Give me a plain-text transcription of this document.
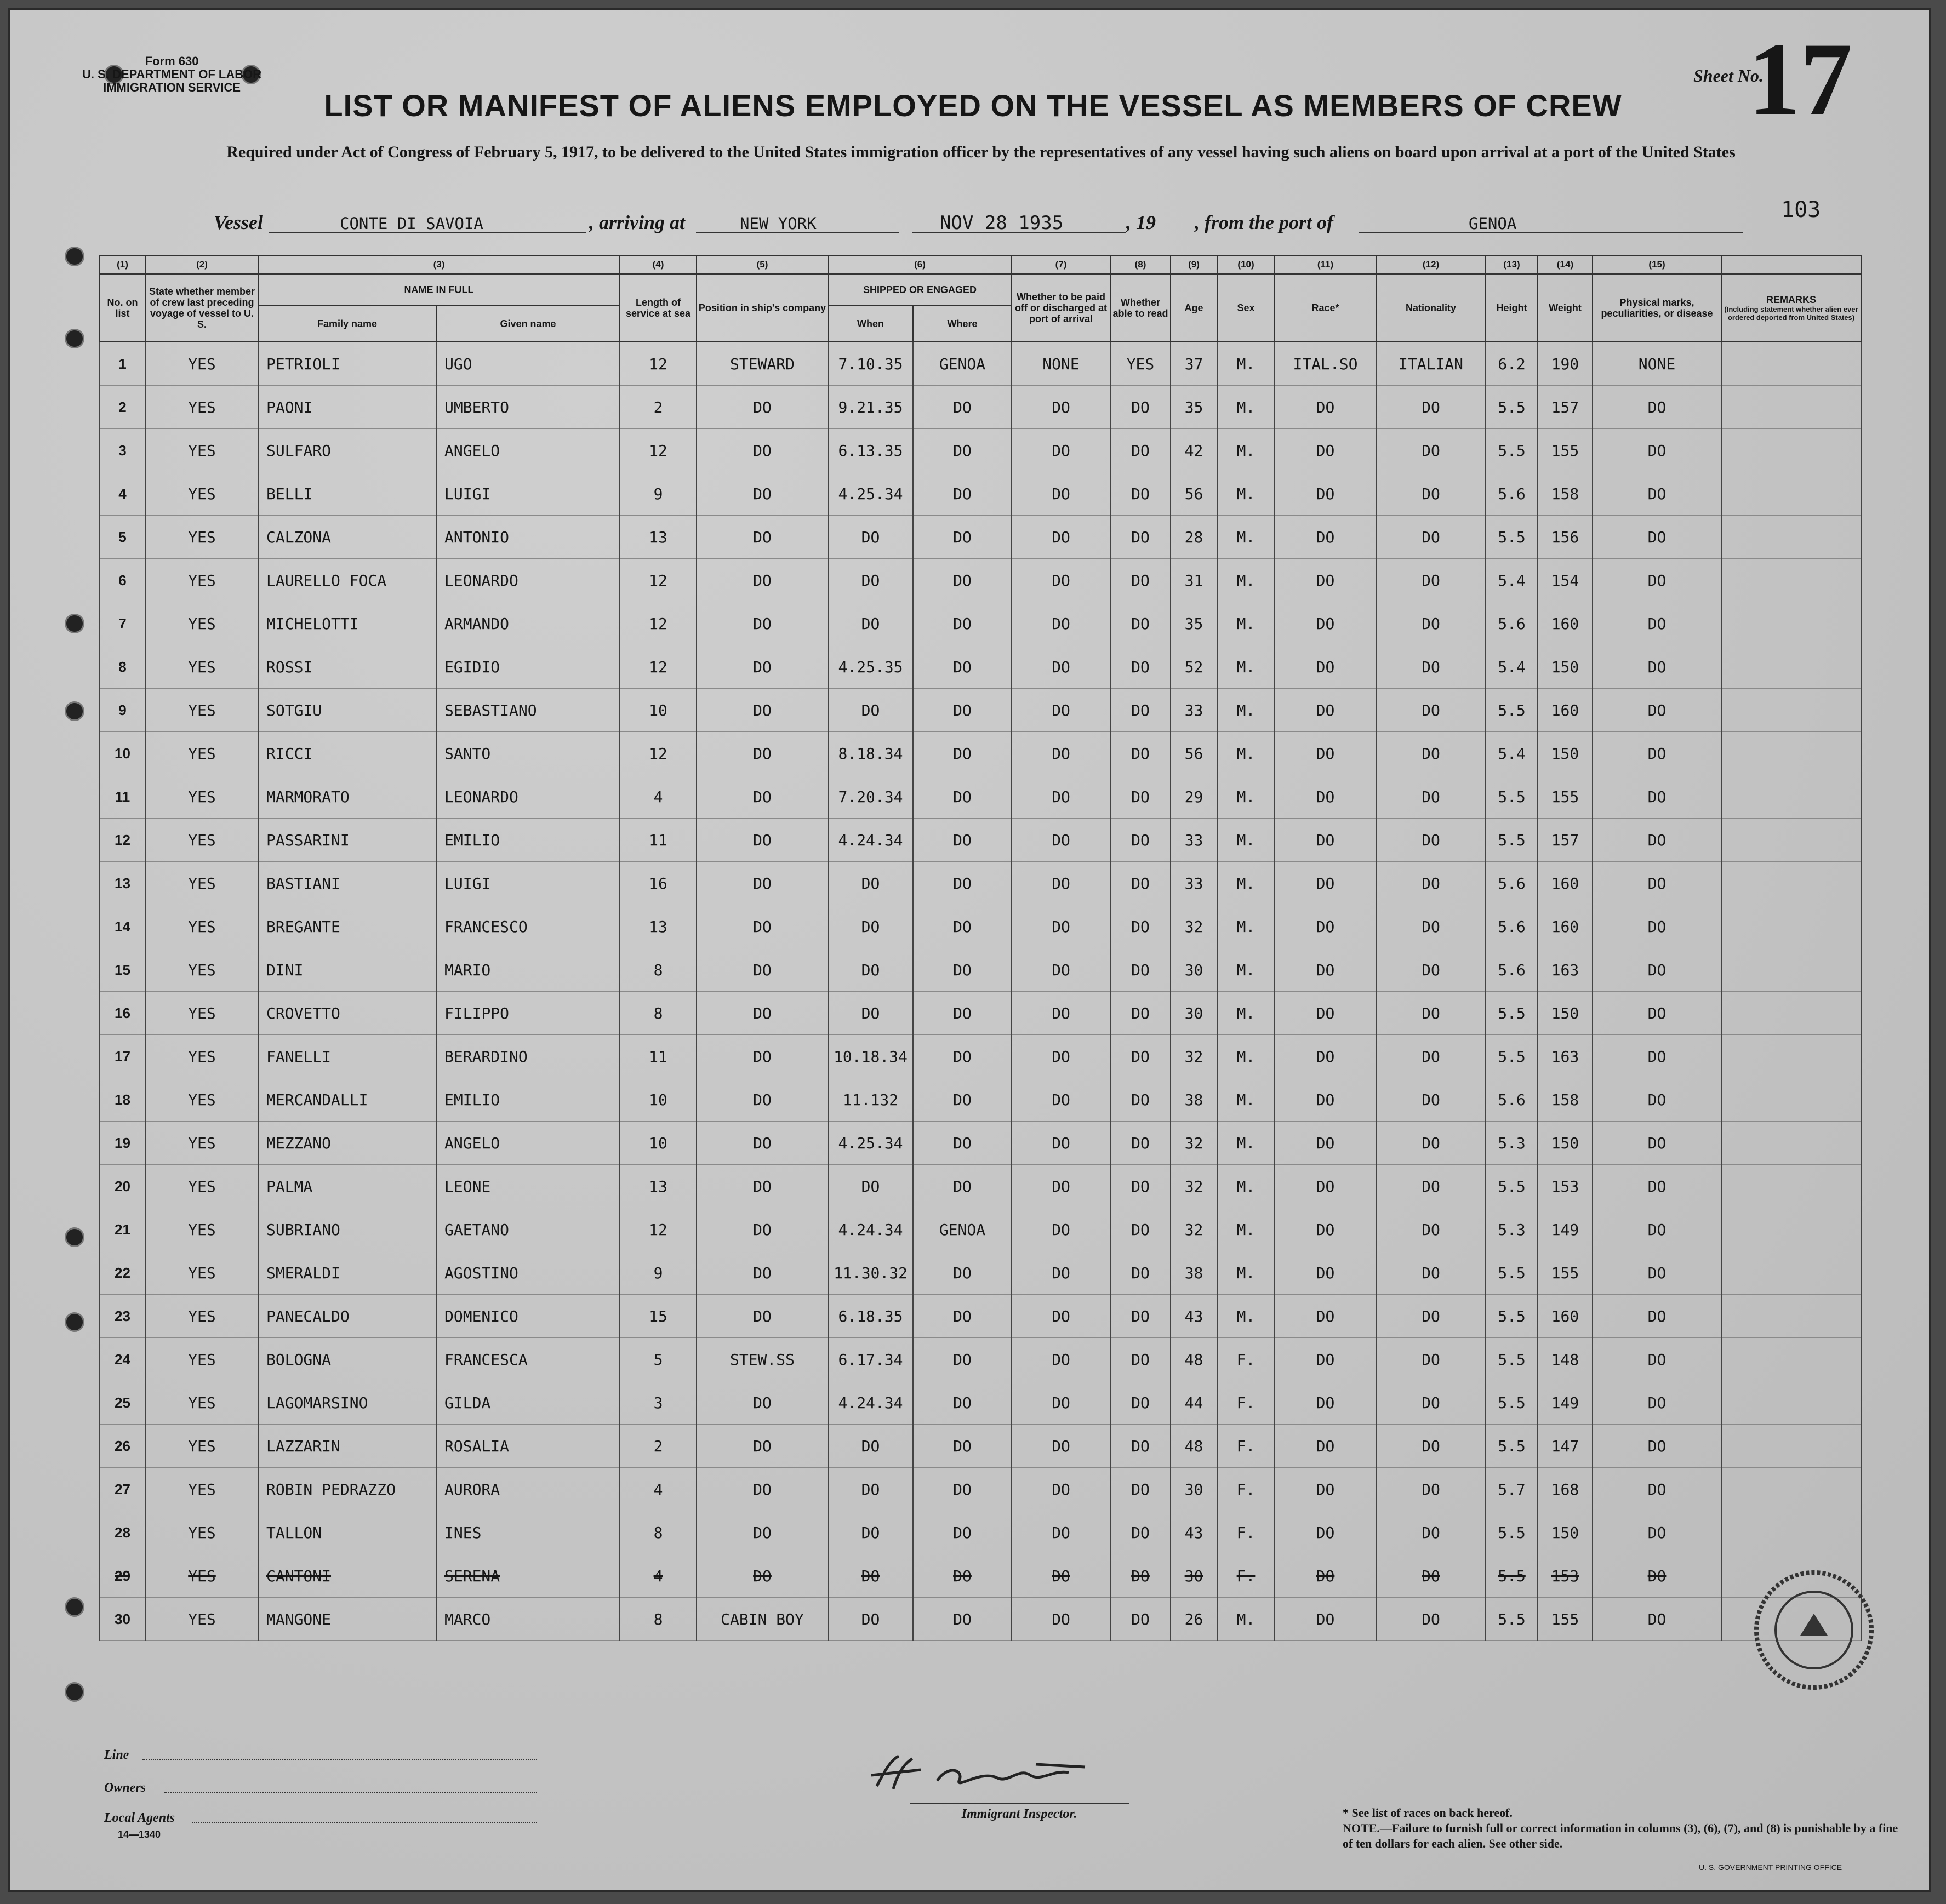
Form 630
U. S. DEPARTMENT OF LABOR
IMMIGRATION SERVICE
Sheet No.
17
LIST OR MANIFEST OF ALIENS EMPLOYED ON THE VESSEL AS MEMBERS OF CREW
Required under Act of Congress of February 5, 1917, to be delivered to the United States immigration officer by the representatives of any vessel having such aliens on board upon arrival at a port of the United States
103
Vessel	CONTE DI SAVOIA	, arriving at	NEW YORK	NOV 28 1935	, 19 , from the port of	GENOA
(1)	(2)	(3)		(4)	(5)	(6)		(7)	(8)	(9)	(10)	(11)	(12)	(13)	(14)	(15)	
No. on list	State whether member of crew last preceding voyage of vessel to U. S.	NAME IN FULL		Length of service at sea	Position in ship's company	SHIPPED OR ENGAGED		Whether to be paid off or discharged at port of arrival	Whether able to read	Age	Sex	Race*	Nationality	Height	Weight	Physical marks, peculiarities, or disease	REMARKS
(Including statement whether alien ever ordered deported from United States)

		Family name	Given name			When	Where										
1	YES	PETRIOLI	UGO	12	STEWARD	7.10.35	GENOA	NONE	YES	37	M.	ITAL.SO	ITALIAN	6.2	190	NONE	
2	YES	PAONI	UMBERTO	2	DO	9.21.35	DO	DO	DO	35	M.	DO	DO	5.5	157	DO	
3	YES	SULFARO	ANGELO	12	DO	6.13.35	DO	DO	DO	42	M.	DO	DO	5.5	155	DO	
4	YES	BELLI	LUIGI	9	DO	4.25.34	DO	DO	DO	56	M.	DO	DO	5.6	158	DO	
5	YES	CALZONA	ANTONIO	13	DO	DO	DO	DO	DO	28	M.	DO	DO	5.5	156	DO	
6	YES	LAURELLO FOCA	LEONARDO	12	DO	DO	DO	DO	DO	31	M.	DO	DO	5.4	154	DO	
7	YES	MICHELOTTI	ARMANDO	12	DO	DO	DO	DO	DO	35	M.	DO	DO	5.6	160	DO	
8	YES	ROSSI	EGIDIO	12	DO	4.25.35	DO	DO	DO	52	M.	DO	DO	5.4	150	DO	
9	YES	SOTGIU	SEBASTIANO	10	DO	DO	DO	DO	DO	33	M.	DO	DO	5.5	160	DO	
10	YES	RICCI	SANTO	12	DO	8.18.34	DO	DO	DO	56	M.	DO	DO	5.4	150	DO	
11	YES	MARMORATO	LEONARDO	4	DO	7.20.34	DO	DO	DO	29	M.	DO	DO	5.5	155	DO	
12	YES	PASSARINI	EMILIO	11	DO	4.24.34	DO	DO	DO	33	M.	DO	DO	5.5	157	DO	
13	YES	BASTIANI	LUIGI	16	DO	DO	DO	DO	DO	33	M.	DO	DO	5.6	160	DO	
14	YES	BREGANTE	FRANCESCO	13	DO	DO	DO	DO	DO	32	M.	DO	DO	5.6	160	DO	
15	YES	DINI	MARIO	8	DO	DO	DO	DO	DO	30	M.	DO	DO	5.6	163	DO	
16	YES	CROVETTO	FILIPPO	8	DO	DO	DO	DO	DO	30	M.	DO	DO	5.5	150	DO	
17	YES	FANELLI	BERARDINO	11	DO	10.18.34	DO	DO	DO	32	M.	DO	DO	5.5	163	DO	
18	YES	MERCANDALLI	EMILIO	10	DO	11.132	DO	DO	DO	38	M.	DO	DO	5.6	158	DO	
19	YES	MEZZANO	ANGELO	10	DO	4.25.34	DO	DO	DO	32	M.	DO	DO	5.3	150	DO	
20	YES	PALMA	LEONE	13	DO	DO	DO	DO	DO	32	M.	DO	DO	5.5	153	DO	
21	YES	SUBRIANO	GAETANO	12	DO	4.24.34	GENOA	DO	DO	32	M.	DO	DO	5.3	149	DO	
22	YES	SMERALDI	AGOSTINO	9	DO	11.30.32	DO	DO	DO	38	M.	DO	DO	5.5	155	DO	
23	YES	PANECALDO	DOMENICO	15	DO	6.18.35	DO	DO	DO	43	M.	DO	DO	5.5	160	DO	
24	YES	BOLOGNA	FRANCESCA	5	STEW.SS	6.17.34	DO	DO	DO	48	F.	DO	DO	5.5	148	DO	
25	YES	LAGOMARSINO	GILDA	3	DO	4.24.34	DO	DO	DO	44	F.	DO	DO	5.5	149	DO	
26	YES	LAZZARIN	ROSALIA	2	DO	DO	DO	DO	DO	48	F.	DO	DO	5.5	147	DO	
27	YES	ROBIN PEDRAZZO	AURORA	4	DO	DO	DO	DO	DO	30	F.	DO	DO	5.7	168	DO	
28	YES	TALLON	INES	8	DO	DO	DO	DO	DO	43	F.	DO	DO	5.5	150	DO	
29	YES	CANTONI	SERENA	4	DO	DO	DO	DO	DO	30	F.	DO	DO	5.5	153	DO	
30	YES	MANGONE	MARCO	8	CABIN BOY	DO	DO	DO	DO	26	M.	DO	DO	5.5	155	DO	
Immigrant Inspector.
Line
Owners
Local Agents
14—1340
* See list of races on back hereof.
NOTE.—Failure to furnish full or correct information in columns (3), (6), (7), and (8) is punishable by a fine of ten dollars for each alien. See other side.
U. S. GOVERNMENT PRINTING OFFICE
